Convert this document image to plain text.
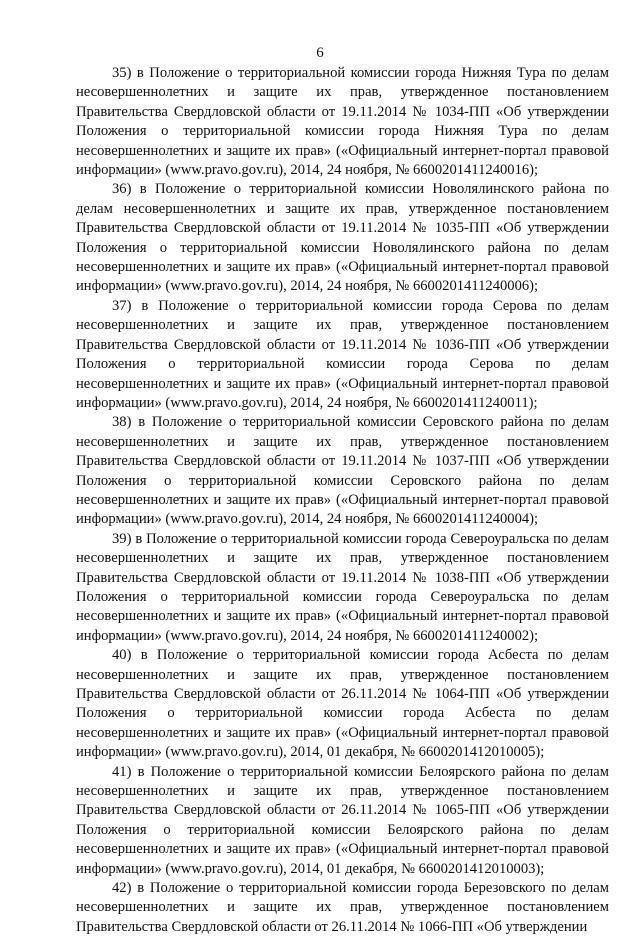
6

35) в Положение о территориальной комиссии города Нижняя Тура по делам несовершеннолетних и защите их прав, утвержденное постановлением Правительства Свердловской области от 19.11.2014 № 1034-ПП «Об утверждении Положения о территориальной комиссии города Нижняя Тура по делам несовершеннолетних и защите их прав» («Официальный интернет-портал правовой информации» (www.pravo.gov.ru), 2014, 24 ноября, № 6600201411240016);

36) в Положение о территориальной комиссии Новолялинского района по делам несовершеннолетних и защите их прав, утвержденное постановлением Правительства Свердловской области от 19.11.2014 № 1035-ПП «Об утверждении Положения о территориальной комиссии Новолялинского района по делам несовершеннолетних и защите их прав» («Официальный интернет-портал правовой информации» (www.pravo.gov.ru), 2014, 24 ноября, № 6600201411240006);

37) в Положение о территориальной комиссии города Серова по делам несовершеннолетних и защите их прав, утвержденное постановлением Правительства Свердловской области от 19.11.2014 № 1036-ПП «Об утверждении Положения о территориальной комиссии города Серова по делам несовершеннолетних и защите их прав» («Официальный интернет-портал правовой информации» (www.pravo.gov.ru), 2014, 24 ноября, № 6600201411240011);

38) в Положение о территориальной комиссии Серовского района по делам несовершеннолетних и защите их прав, утвержденное постановлением Правительства Свердловской области от 19.11.2014 № 1037-ПП «Об утверждении Положения о территориальной комиссии Серовского района по делам несовершеннолетних и защите их прав» («Официальный интернет-портал правовой информации» (www.pravo.gov.ru), 2014, 24 ноября, № 6600201411240004);

39) в Положение о территориальной комиссии города Североуральска по делам несовершеннолетних и защите их прав, утвержденное постановлением Правительства Свердловской области от 19.11.2014 № 1038-ПП «Об утверждении Положения о территориальной комиссии города Североуральска по делам несовершеннолетних и защите их прав» («Официальный интернет-портал правовой информации» (www.pravo.gov.ru), 2014, 24 ноября, № 6600201411240002);

40) в Положение о территориальной комиссии города Асбеста по делам несовершеннолетних и защите их прав, утвержденное постановлением Правительства Свердловской области от 26.11.2014 № 1064-ПП «Об утверждении Положения о территориальной комиссии города Асбеста по делам несовершеннолетних и защите их прав» («Официальный интернет-портал правовой информации» (www.pravo.gov.ru), 2014, 01 декабря, № 6600201412010005);

41) в Положение о территориальной комиссии Белоярского района по делам несовершеннолетних и защите их прав, утвержденное постановлением Правительства Свердловской области от 26.11.2014 № 1065-ПП «Об утверждении Положения о территориальной комиссии Белоярского района по делам несовершеннолетних и защите их прав» («Официальный интернет-портал правовой информации» (www.pravo.gov.ru), 2014, 01 декабря, № 6600201412010003);

42) в Положение о территориальной комиссии города Березовского по делам несовершеннолетних и защите их прав, утвержденное постановлением Правительства Свердловской области от 26.11.2014 № 1066-ПП «Об утверждении
